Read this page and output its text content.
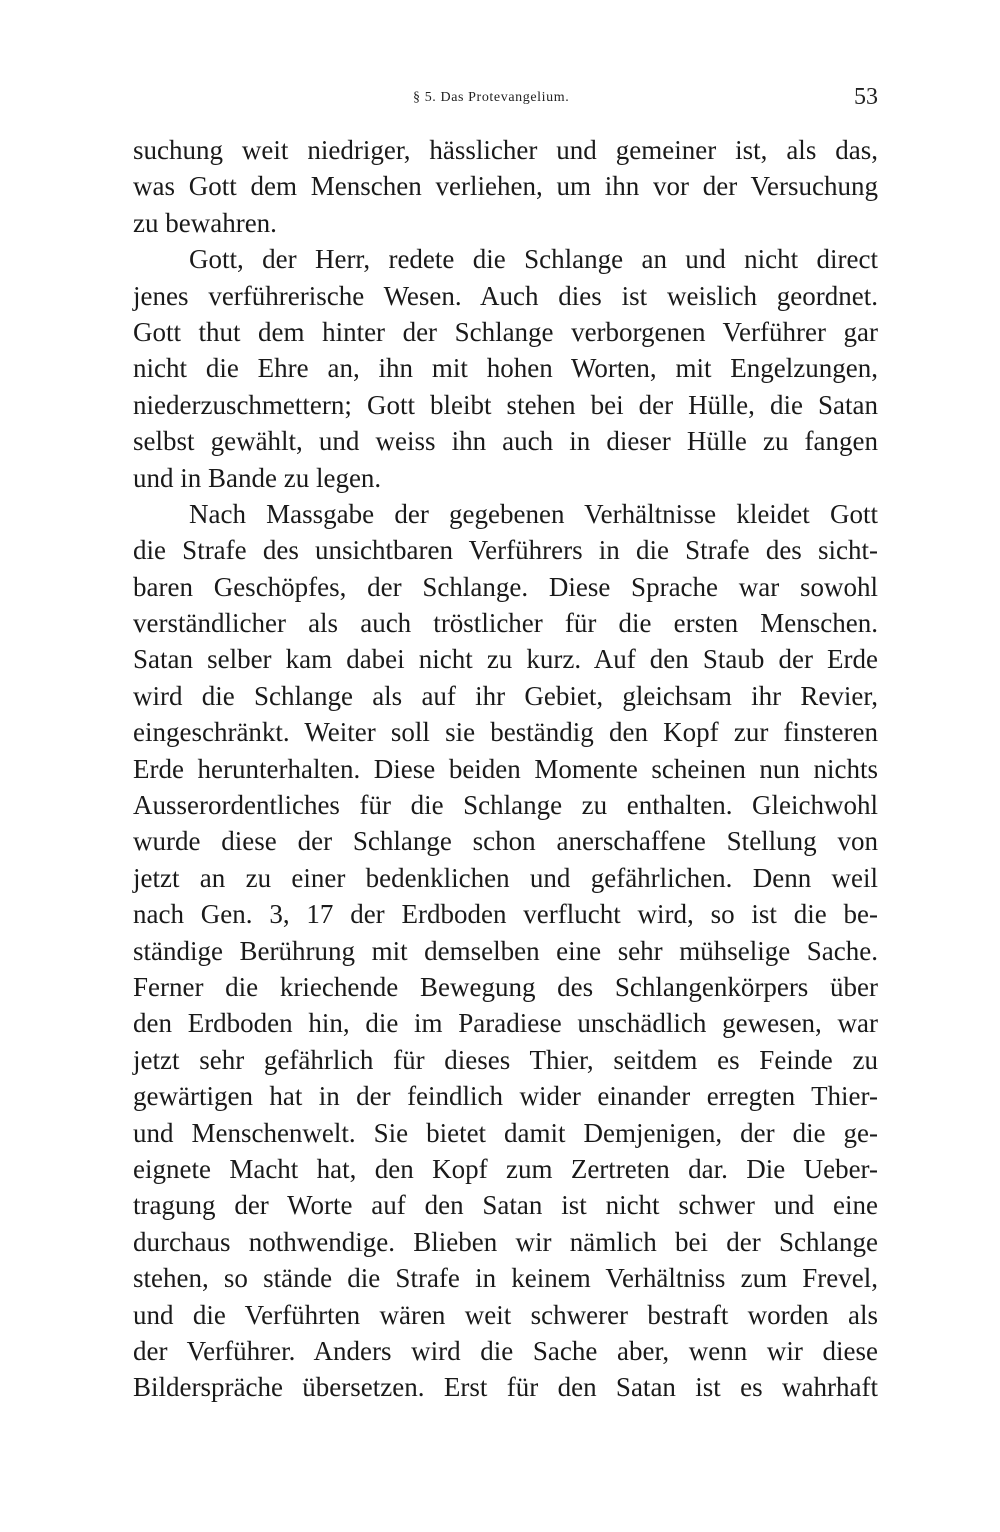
§ 5. Das Protevangelium.	53
suchung weit niedriger, hässlicher und gemeiner ist, als das,
was Gott dem Menschen verliehen, um ihn vor der Versuchung
zu bewahren.
Gott, der Herr, redete die Schlange an und nicht direct
jenes verführerische Wesen. Auch dies ist weislich geordnet.
Gott thut dem hinter der Schlange verborgenen Verführer gar
nicht die Ehre an, ihn mit hohen Worten, mit Engelzungen,
niederzuschmettern; Gott bleibt stehen bei der Hülle, die Satan
selbst gewählt, und weiss ihn auch in dieser Hülle zu fangen
und in Bande zu legen.
Nach Massgabe der gegebenen Verhältnisse kleidet Gott
die Strafe des unsichtbaren Verführers in die Strafe des sicht-
baren Geschöpfes, der Schlange. Diese Sprache war sowohl
verständlicher als auch tröstlicher für die ersten Menschen.
Satan selber kam dabei nicht zu kurz. Auf den Staub der Erde
wird die Schlange als auf ihr Gebiet, gleichsam ihr Revier,
eingeschränkt. Weiter soll sie beständig den Kopf zur finsteren
Erde herunterhalten. Diese beiden Momente scheinen nun nichts
Ausserordentliches für die Schlange zu enthalten. Gleichwohl
wurde diese der Schlange schon anerschaffene Stellung von
jetzt an zu einer bedenklichen und gefährlichen. Denn weil
nach Gen. 3, 17 der Erdboden verflucht wird, so ist die be-
ständige Berührung mit demselben eine sehr mühselige Sache.
Ferner die kriechende Bewegung des Schlangenkörpers über
den Erdboden hin, die im Paradiese unschädlich gewesen, war
jetzt sehr gefährlich für dieses Thier, seitdem es Feinde zu
gewärtigen hat in der feindlich wider einander erregten Thier-
und Menschenwelt. Sie bietet damit Demjenigen, der die ge-
eignete Macht hat, den Kopf zum Zertreten dar. Die Ueber-
tragung der Worte auf den Satan ist nicht schwer und eine
durchaus nothwendige. Blieben wir nämlich bei der Schlange
stehen, so stände die Strafe in keinem Verhältniss zum Frevel,
und die Verführten wären weit schwerer bestraft worden als
der Verführer. Anders wird die Sache aber, wenn wir diese
Bilderspräche übersetzen. Erst für den Satan ist es wahrhaft
